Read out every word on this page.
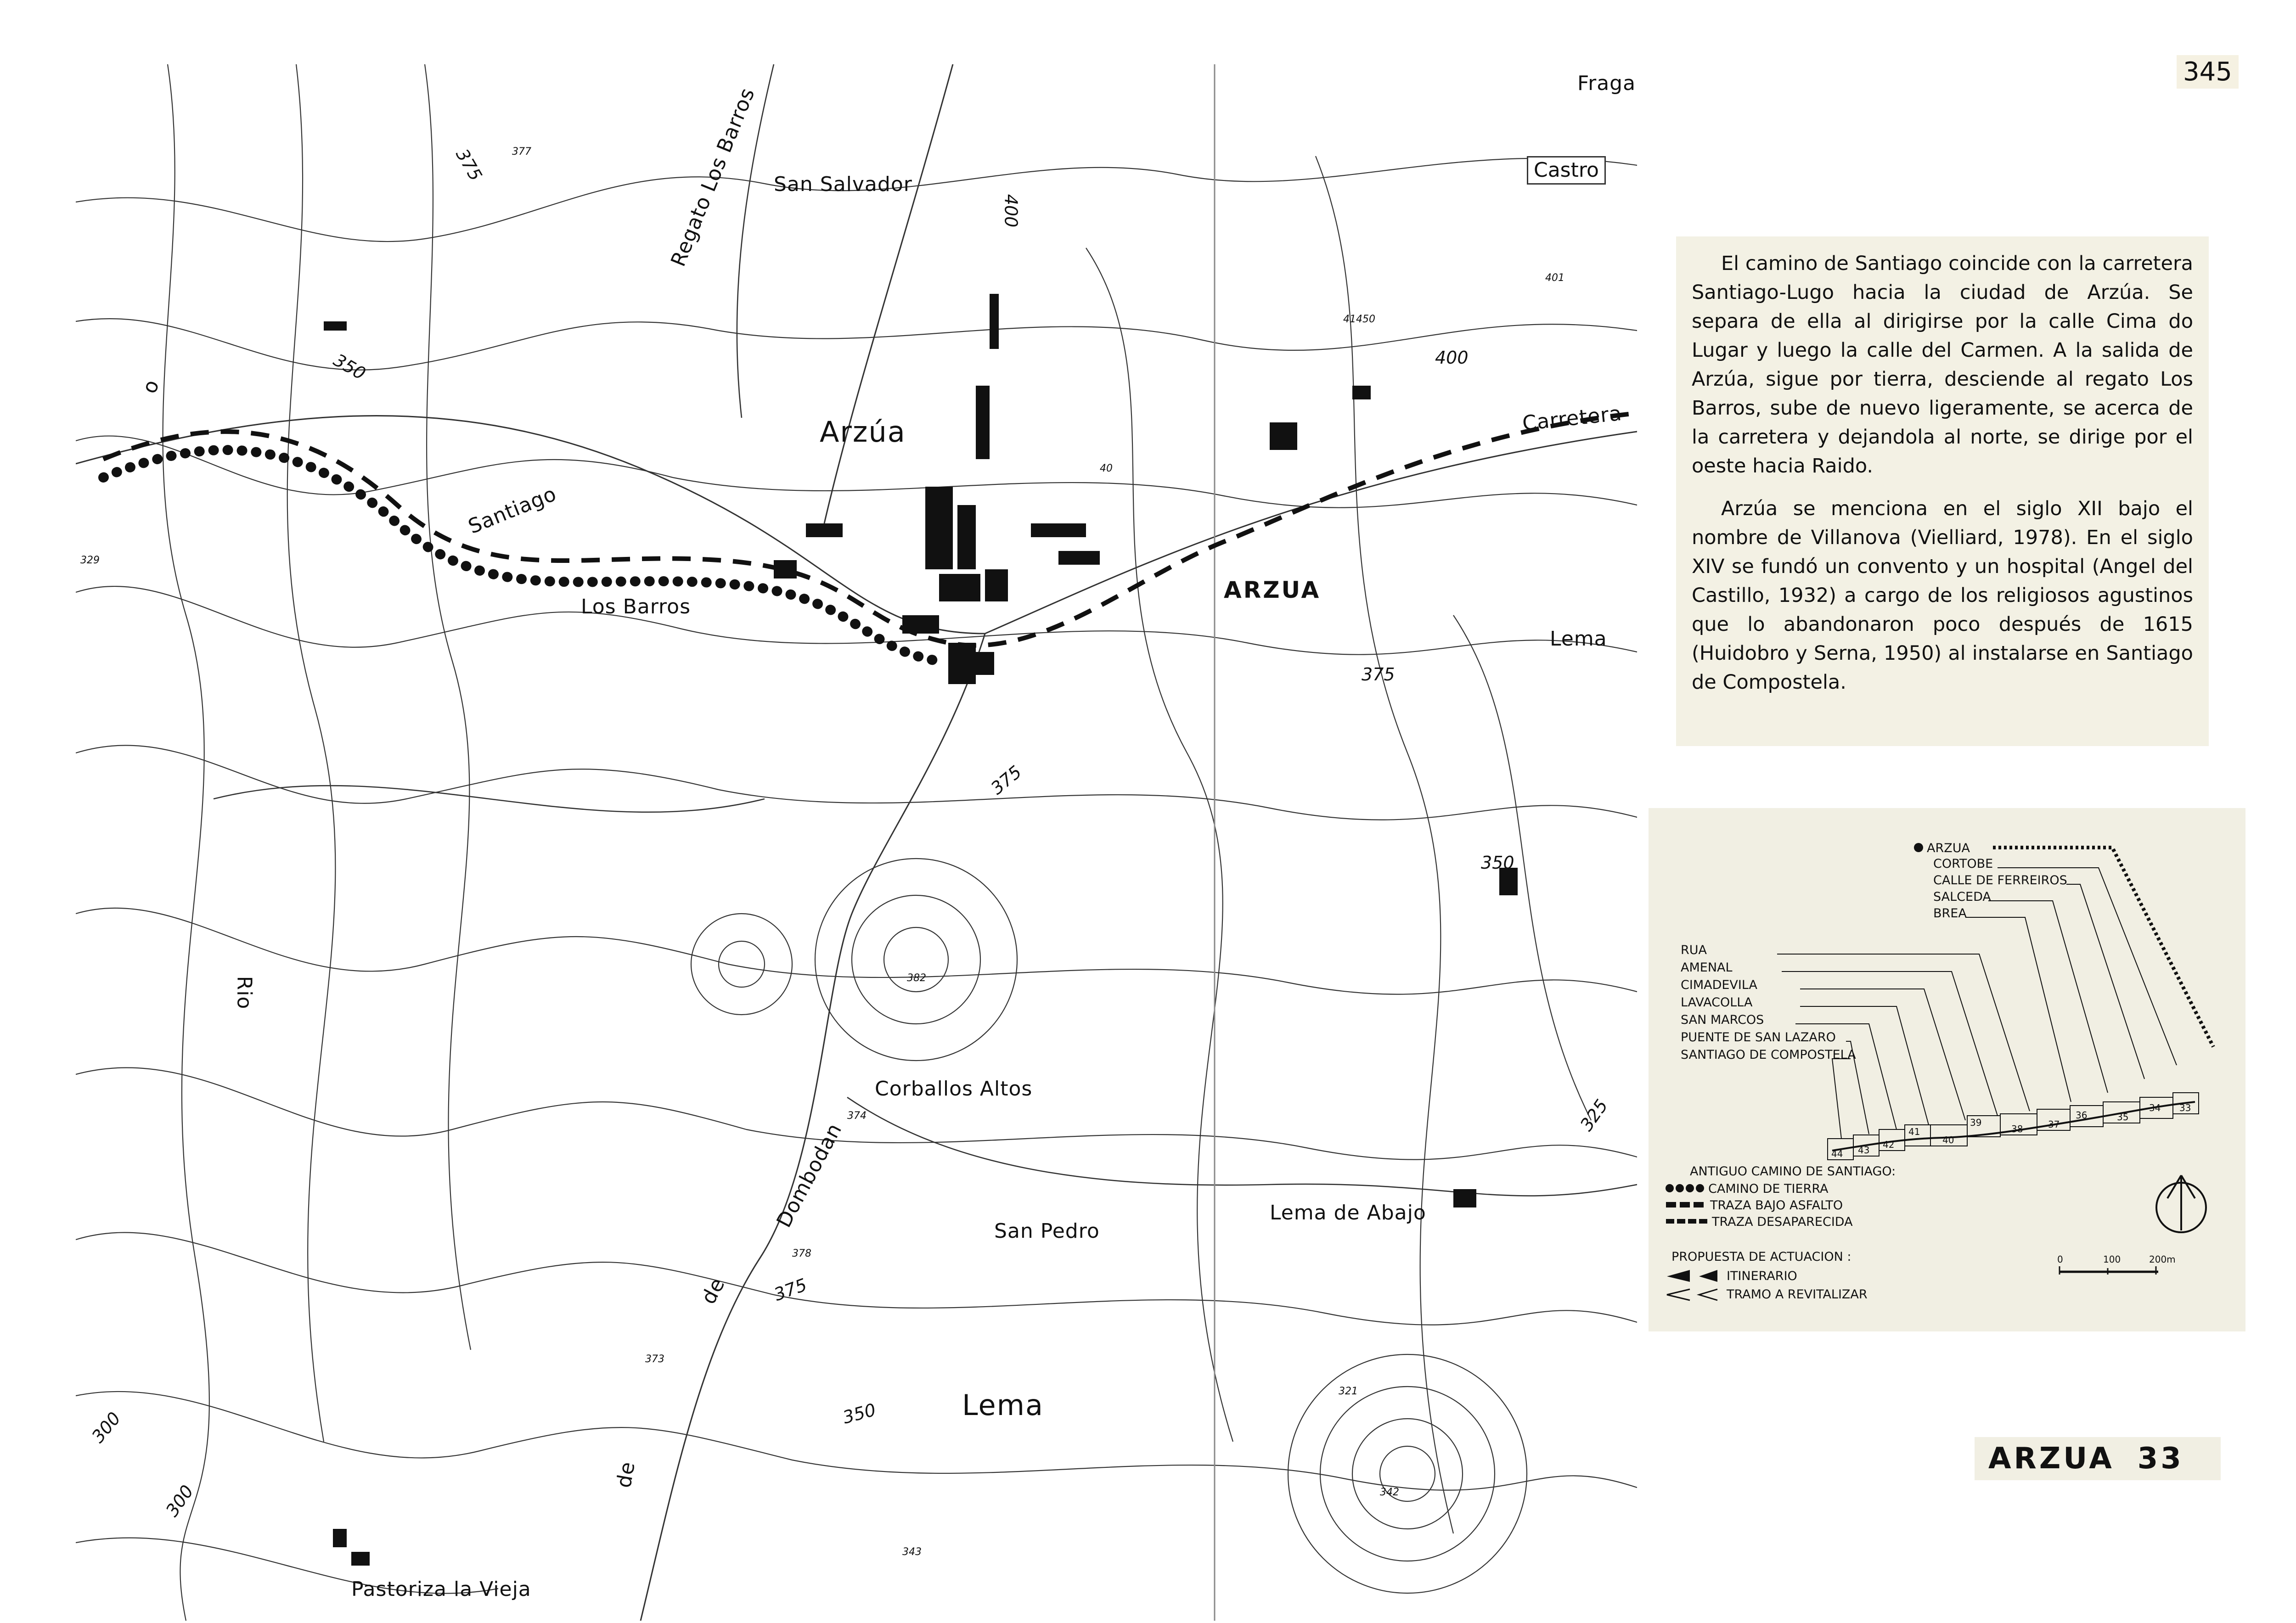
Fraga
Castro
San Salvador
Regato Los Barros
Arzúa
ARZUA
Santiago
Los Barros
Lema
Corballos Altos
Dombodan
de
de
San Pedro
Lema de Abajo
Lema
Pastoriza la Vieja
Rio
Carretera
o
377
41450
401
329
382
374
378
373
321
342
343
40
375
350
400
400
375
375
350
325
375
350
300
300
345

El camino de Santiago coincide con la carretera Santiago-Lugo hacia la ciudad de Arzúa. Se separa de ella al dirigirse por la calle Cima do Lugar y luego la calle del Carmen. A la salida de Arzúa, sigue por tierra, desciende al regato Los Barros, sube de nuevo ligeramente, se acerca de la carretera y dejandola al norte, se dirige por el oeste hacia Raido.

Arzúa se menciona en el siglo XII bajo el nombre de Villanova (Vielliard, 1978). En el siglo XIV se fundó un convento y un hospital (Angel del Castillo, 1932) a cargo de los religiosos agustinos que lo abandonaron poco después de 1615 (Huidobro y Serna, 1950) al instalarse en Santiago de Compostela.

ARZUA
CORTOBE
CALLE DE FERREIROS
SALCEDA
BREA
RUA
AMENAL
CIMADEVILA
LAVACOLLA
SAN MARCOS
PUENTE DE SAN LAZARO
SANTIAGO DE COMPOSTELA
44 43 42
41
40
39
38	37
36	35
34 33
ANTIGUO CAMINO DE SANTIAGO:
CAMINO DE TIERRA
TRAZA BAJO ASFALTO
TRAZA DESAPARECIDA
PROPUESTA DE ACTUACION :
ITINERARIO
TRAMO A REVITALIZAR
0	100	200m
ARZUA 33
